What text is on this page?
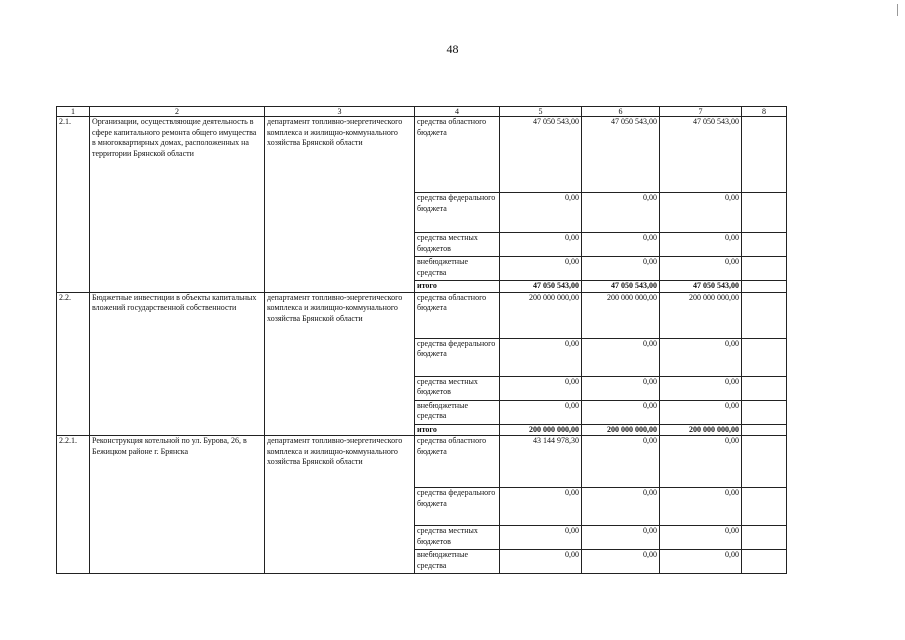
48
1	2	3	4	5	6	7	8
2.1.	Организации, осуществляющие деятельность в сфере капитального ремонта общего имущества в многоквартирных домах, расположенных на территории Брянской области	департамент топливно-энергетического комплекса и жилищно-коммунального хозяйства Брянской области	средства областного бюджета	47 050 543,00	47 050 543,00	47 050 543,00	
			средства федерального бюджета	0,00	0,00	0,00	
			средства местных бюджетов	0,00	0,00	0,00	
			внебюджетные средства	0,00	0,00	0,00	
			итого	47 050 543,00	47 050 543,00	47 050 543,00	
2.2.	Бюджетные инвестиции в объекты капитальных вложений государственной собственности	департамент топливно-энергетического комплекса и жилищно-коммунального хозяйства Брянской области	средства областного бюджета	200 000 000,00	200 000 000,00	200 000 000,00	
			средства федерального бюджета	0,00	0,00	0,00	
			средства местных бюджетов	0,00	0,00	0,00	
			внебюджетные средства	0,00	0,00	0,00	
			итого	200 000 000,00	200 000 000,00	200 000 000,00	
2.2.1.	Реконструкция котельной по ул. Бурова, 26, в Бежицком районе г. Брянска	департамент топливно-энергетического комплекса и жилищно-коммунального хозяйства Брянской области	средства областного бюджета	43 144 978,30	0,00	0,00	
			средства федерального бюджета	0,00	0,00	0,00	
			средства местных бюджетов	0,00	0,00	0,00	
			внебюджетные средства	0,00	0,00	0,00	
